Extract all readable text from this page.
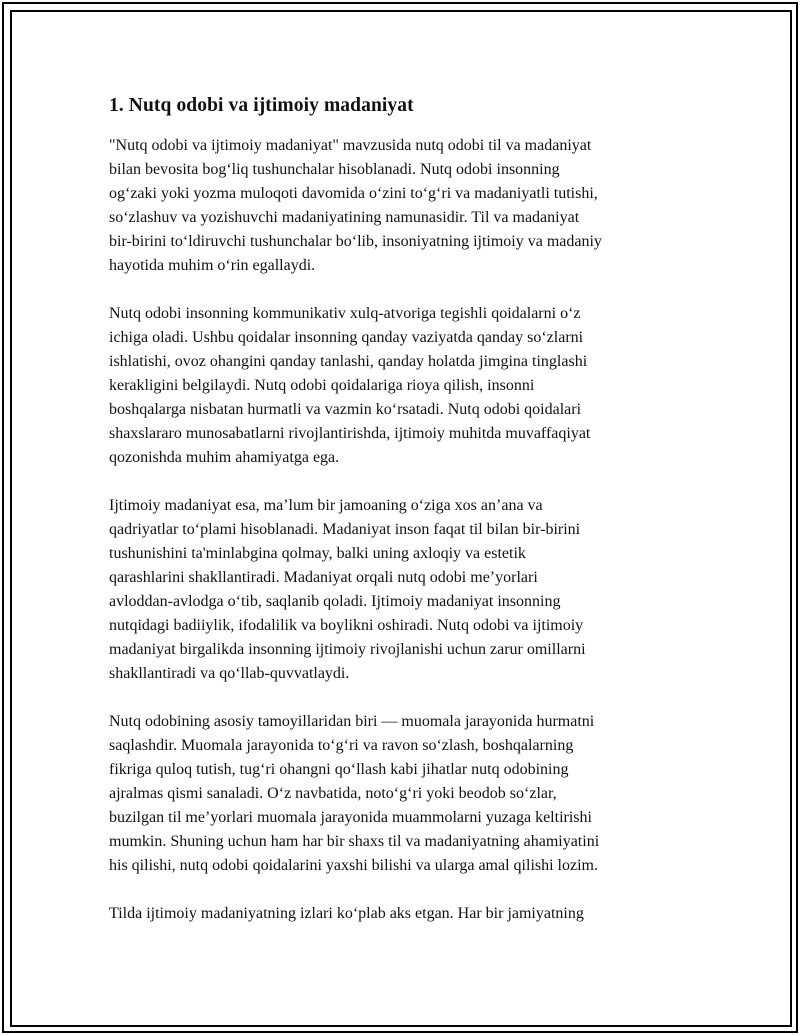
1. Nutq odobi va ijtimoiy madaniyat

"Nutq odobi va ijtimoiy madaniyat" mavzusida nutq odobi til va madaniyat
bilan bevosita bog‘liq tushunchalar hisoblanadi. Nutq odobi insonning
og‘zaki yoki yozma muloqoti davomida o‘zini to‘g‘ri va madaniyatli tutishi,
so‘zlashuv va yozishuvchi madaniyatining namunasidir. Til va madaniyat
bir-birini to‘ldiruvchi tushunchalar bo‘lib, insoniyatning ijtimoiy va madaniy
hayotida muhim o‘rin egallaydi.

Nutq odobi insonning kommunikativ xulq-atvoriga tegishli qoidalarni o‘z
ichiga oladi. Ushbu qoidalar insonning qanday vaziyatda qanday so‘zlarni
ishlatishi, ovoz ohangini qanday tanlashi, qanday holatda jimgina tinglashi
kerakligini belgilaydi. Nutq odobi qoidalariga rioya qilish, insonni
boshqalarga nisbatan hurmatli va vazmin ko‘rsatadi. Nutq odobi qoidalari
shaxslararo munosabatlarni rivojlantirishda, ijtimoiy muhitda muvaffaqiyat
qozonishda muhim ahamiyatga ega.

Ijtimoiy madaniyat esa, ma’lum bir jamoaning o‘ziga xos an’ana va
qadriyatlar to‘plami hisoblanadi. Madaniyat inson faqat til bilan bir-birini
tushunishini ta'minlabgina qolmay, balki uning axloqiy va estetik
qarashlarini shakllantiradi. Madaniyat orqali nutq odobi me’yorlari
avloddan-avlodga o‘tib, saqlanib qoladi. Ijtimoiy madaniyat insonning
nutqidagi badiiylik, ifodalilik va boylikni oshiradi. Nutq odobi va ijtimoiy
madaniyat birgalikda insonning ijtimoiy rivojlanishi uchun zarur omillarni
shakllantiradi va qo‘llab-quvvatlaydi.

Nutq odobining asosiy tamoyillaridan biri — muomala jarayonida hurmatni
saqlashdir. Muomala jarayonida to‘g‘ri va ravon so‘zlash, boshqalarning
fikriga quloq tutish, tug‘ri ohangni qo‘llash kabi jihatlar nutq odobining
ajralmas qismi sanaladi. O‘z navbatida, noto‘g‘ri yoki beodob so‘zlar,
buzilgan til me’yorlari muomala jarayonida muammolarni yuzaga keltirishi
mumkin. Shuning uchun ham har bir shaxs til va madaniyatning ahamiyatini
his qilishi, nutq odobi qoidalarini yaxshi bilishi va ularga amal qilishi lozim.

Tilda ijtimoiy madaniyatning izlari ko‘plab aks etgan. Har bir jamiyatning
